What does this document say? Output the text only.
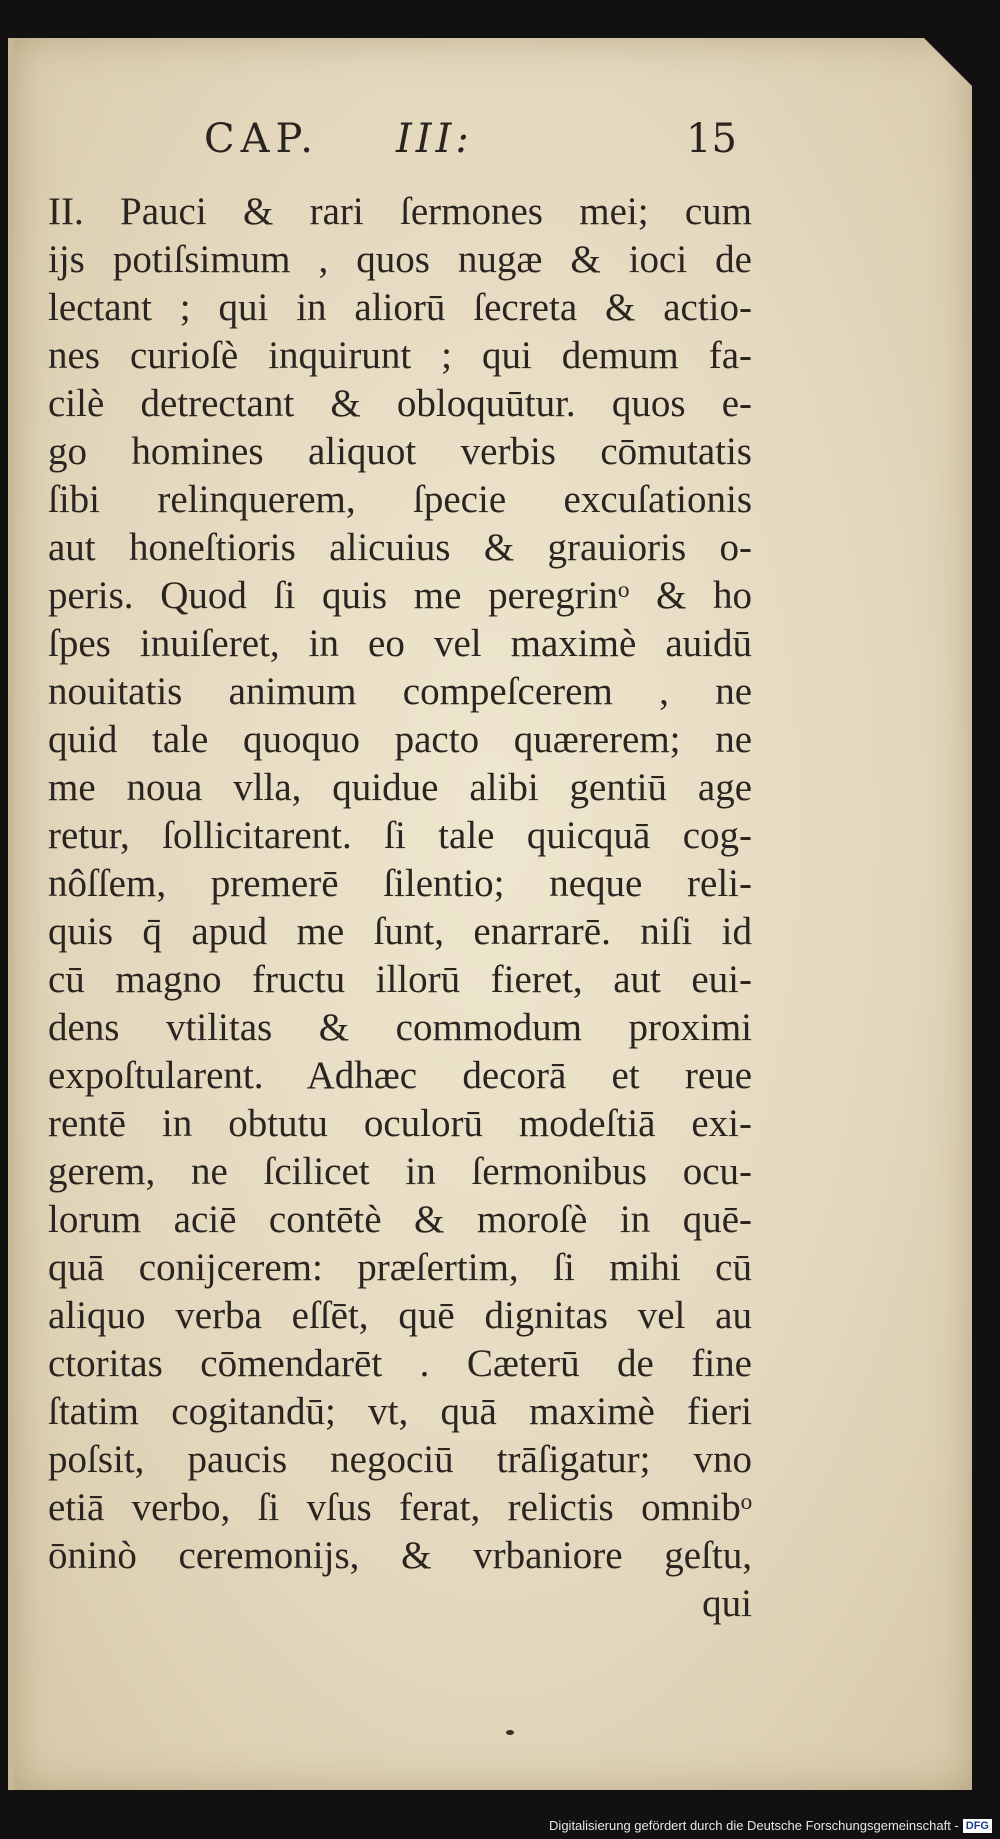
CAP. III:	15
II. Pauci & rari ſermones mei; cum
ijs potiſsimum , quos nugæ & ioci de
lectant ; qui in aliorū ſecreta & actio-
nes curioſè inquirunt ; qui demum fa-
cilè detrectant & obloquūtur. quos e-
go homines aliquot verbis cōmutatis
ſibi relinquerem, ſpecie excuſationis
aut honeſtioris alicuius & grauioris o-
peris. Quod ſi quis me peregrinᵒ & ho
ſpes inuiſeret, in eo vel maximè auidū
nouitatis animum compeſcerem , ne
quid tale quoquo pacto quærerem; ne
me noua vlla, quidue alibi gentiū age
retur, ſollicitarent. ſi tale quicquā cog-
nôſſem, premerē ſilentio; neque reli-
quis q̄ apud me ſunt, enarrarē. niſi id
cū magno fructu illorū fieret, aut eui-
dens vtilitas & commodum proximi
expoſtularent. Adhæc decorā et reue
rentē in obtutu oculorū modeſtiā exi-
gerem, ne ſcilicet in ſermonibus ocu-
lorum aciē contētè & moroſè in quē-
quā conijcerem: præſertim, ſi mihi cū
aliquo verba eſſēt, quē dignitas vel au
ctoritas cōmendarēt . Cæterū de fine
ſtatim cogitandū; vt, quā maximè fieri
poſsit, paucis negociū trāſigatur; vno
etiā verbo, ſi vſus ferat, relictis omnibᵒ
ōninò ceremonijs, & vrbaniore geſtu,
qui
Digitalisierung gefördert durch die Deutsche Forschungsgemeinschaft - DFG
